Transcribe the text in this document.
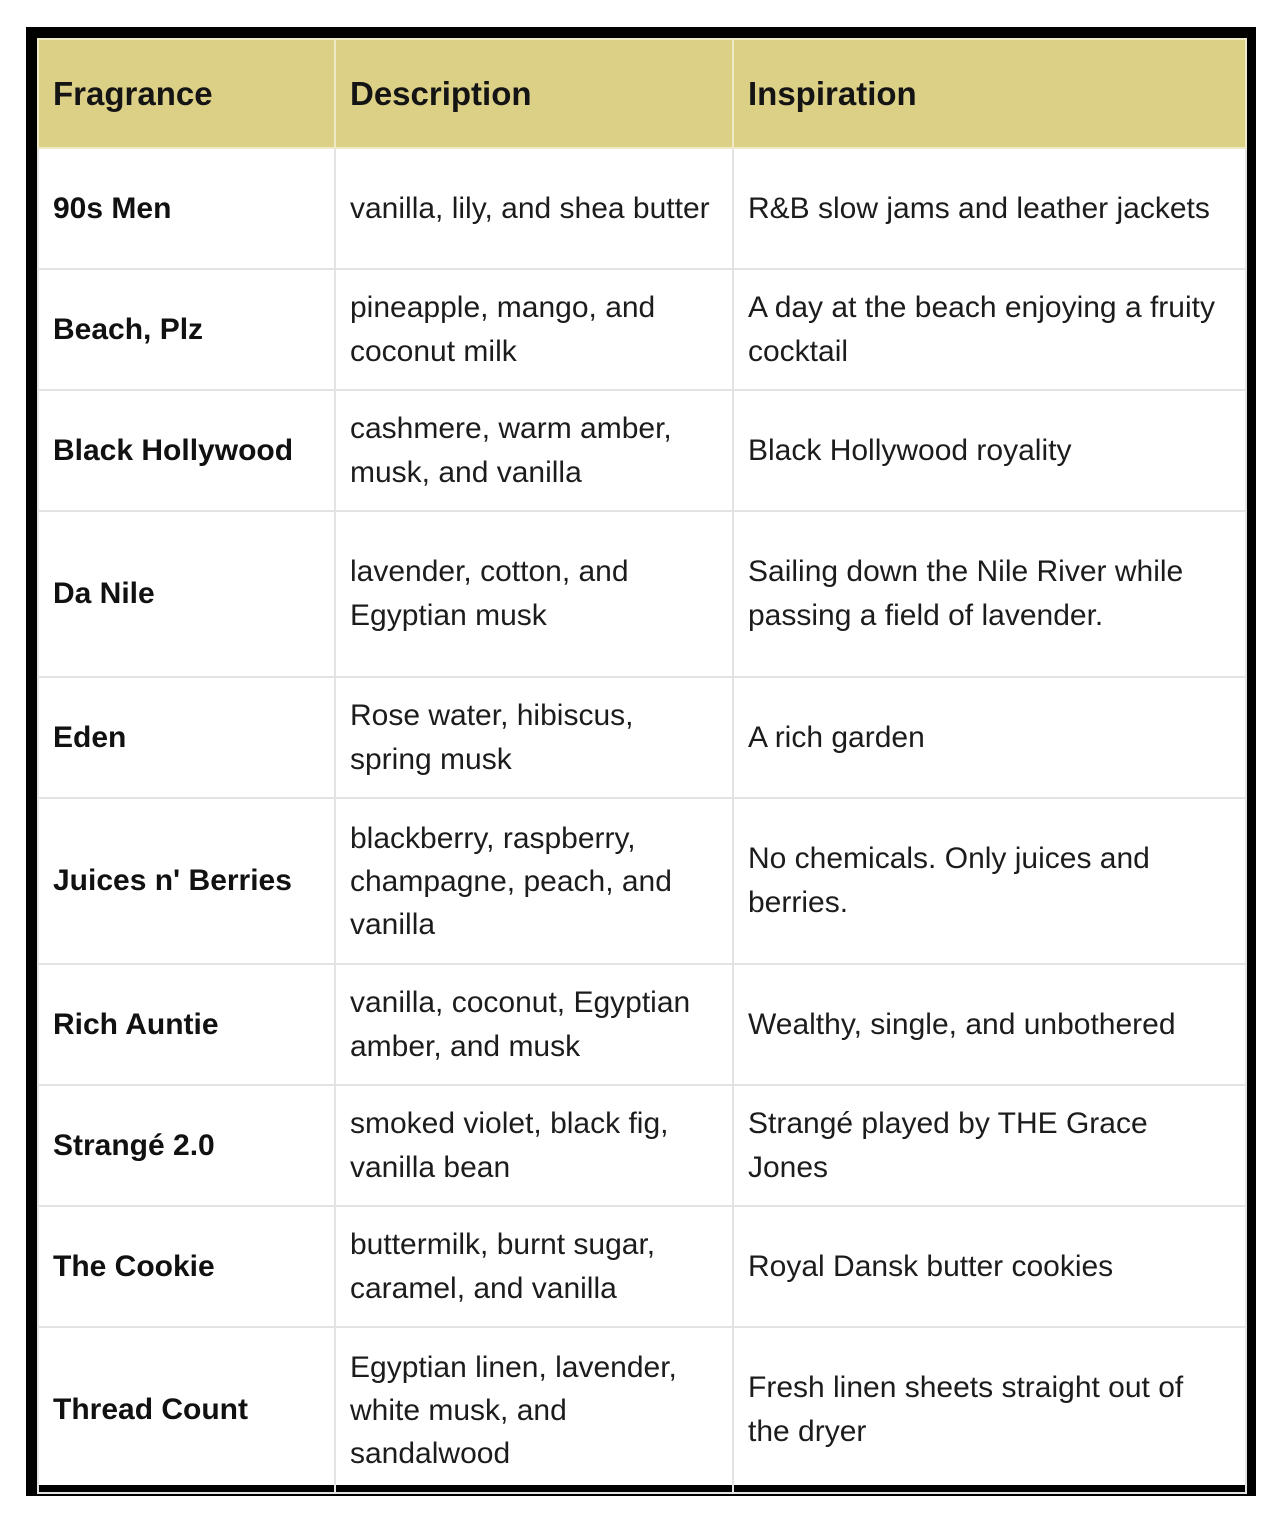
Fragrance	Description	Inspiration
90s Men	vanilla, lily, and shea butter	R&B slow jams and leather jackets
Beach, Plz	pineapple, mango, and coconut milk	A day at the beach enjoying a fruity cocktail
Black Hollywood	cashmere, warm amber, musk, and vanilla	Black Hollywood royality
Da Nile	lavender, cotton, and Egyptian musk	Sailing down the Nile River while passing a field of lavender.
Eden	Rose water, hibiscus, spring musk	A rich garden
Juices n' Berries	blackberry, raspberry, champagne, peach, and vanilla	No chemicals. Only juices and berries.
Rich Auntie	vanilla, coconut, Egyptian amber, and musk	Wealthy, single, and unbothered
Strangé 2.0	smoked violet, black fig, vanilla bean	Strangé played by THE Grace Jones
The Cookie	buttermilk, burnt sugar, caramel, and vanilla	Royal Dansk butter cookies
Thread Count	Egyptian linen, lavender, white musk, and sandalwood	Fresh linen sheets straight out of the dryer
